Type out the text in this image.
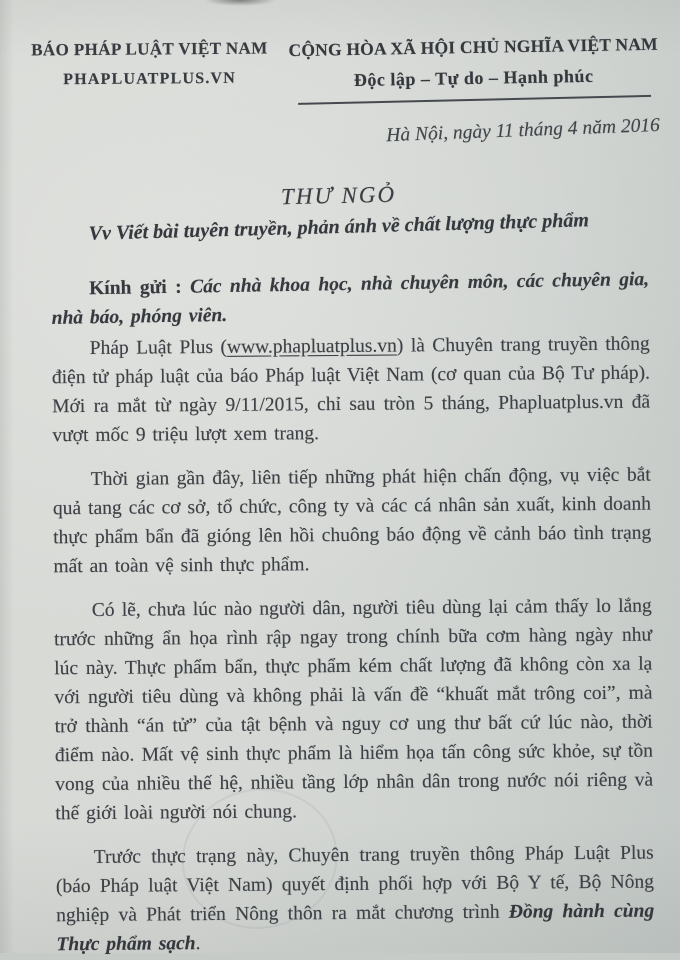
BÁO PHÁP LUẬT VIỆT NAM
PHAPLUATPLUS.VN
CỘNG HÒA XÃ HỘI CHỦ NGHĨA VIỆT NAM
Độc lập – Tự do – Hạnh phúc
Hà Nội, ngày 11 tháng 4 năm 2016
THƯ NGỎ
Vv Viết bài tuyên truyền, phản ánh về chất lượng thực phẩm

Kính gửi : Các nhà khoa học, nhà chuyên môn, các chuyên gia, nhà báo, phóng viên.

Pháp Luật Plus (www.phapluatplus.vn) là Chuyên trang truyền thông điện tử pháp luật của báo Pháp luật Việt Nam (cơ quan của Bộ Tư pháp). Mới ra mắt từ ngày 9/11/2015, chỉ sau tròn 5 tháng, Phapluatplus.vn đã vượt mốc 9 triệu lượt xem trang.

Thời gian gần đây, liên tiếp những phát hiện chấn động, vụ việc bắt quả tang các cơ sở, tổ chức, công ty và các cá nhân sản xuất, kinh doanh thực phẩm bẩn đã gióng lên hồi chuông báo động về cảnh báo tình trạng mất an toàn vệ sinh thực phẩm.

Có lẽ, chưa lúc nào người dân, người tiêu dùng lại cảm thấy lo lắng trước những ẩn họa rình rập ngay trong chính bữa cơm hàng ngày như lúc này. Thực phẩm bẩn, thực phẩm kém chất lượng đã không còn xa lạ với người tiêu dùng và không phải là vấn đề “khuất mắt trông coi”, mà trở thành “án tử” của tật bệnh và nguy cơ ung thư bất cứ lúc nào, thời điểm nào. Mất vệ sinh thực phẩm là hiểm họa tấn công sức khỏe, sự tồn vong của nhiều thế hệ, nhiều tầng lớp nhân dân trong nước nói riêng và thế giới loài người nói chung.

Trước thực trạng này, Chuyên trang truyền thông Pháp Luật Plus (báo Pháp luật Việt Nam) quyết định phối hợp với Bộ Y tế, Bộ Nông nghiệp và Phát triển Nông thôn ra mắt chương trình Đồng hành cùng Thực phẩm sạch.
